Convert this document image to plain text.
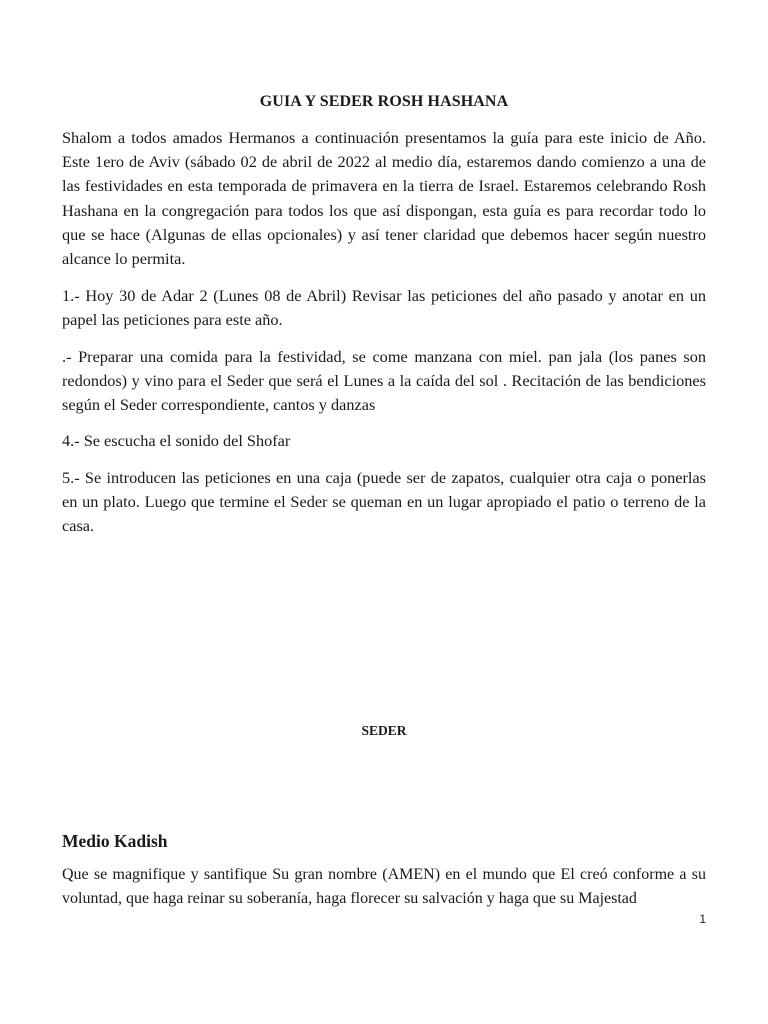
GUIA Y SEDER ROSH HASHANA

Shalom a todos amados Hermanos a continuación presentamos la guía para este inicio de Año. Este 1ero de Aviv (sábado 02 de abril de 2022 al medio día, estaremos dando comienzo a una de las festividades en esta temporada de primavera en la tierra de Israel. Estaremos celebrando Rosh Hashana en la congregación para todos los que así dispongan, esta guía es para recordar todo lo que se hace (Algunas de ellas opcionales) y así tener claridad que debemos hacer según nuestro alcance lo permita.

1.- Hoy 30 de Adar 2 (Lunes 08 de Abril) Revisar las peticiones del año pasado y anotar en un papel las peticiones para este año.

.- Preparar una comida para la festividad, se come manzana con miel. pan jala (los panes son redondos) y vino para el Seder que será el Lunes a la caída del sol . Recitación de las bendiciones según el Seder correspondiente, cantos y danzas

4.- Se escucha el sonido del Shofar

5.- Se introducen las peticiones en una caja (puede ser de zapatos, cualquier otra caja o ponerlas en un plato. Luego que termine el Seder se queman en un lugar apropiado el patio o terreno de la casa.

SEDER
Medio Kadish

Que se magnifique y santifique Su gran nombre (AMEN) en el mundo que El creó conforme a su voluntad, que haga reinar su soberanía, haga florecer su salvación y haga que su Majestad

1
